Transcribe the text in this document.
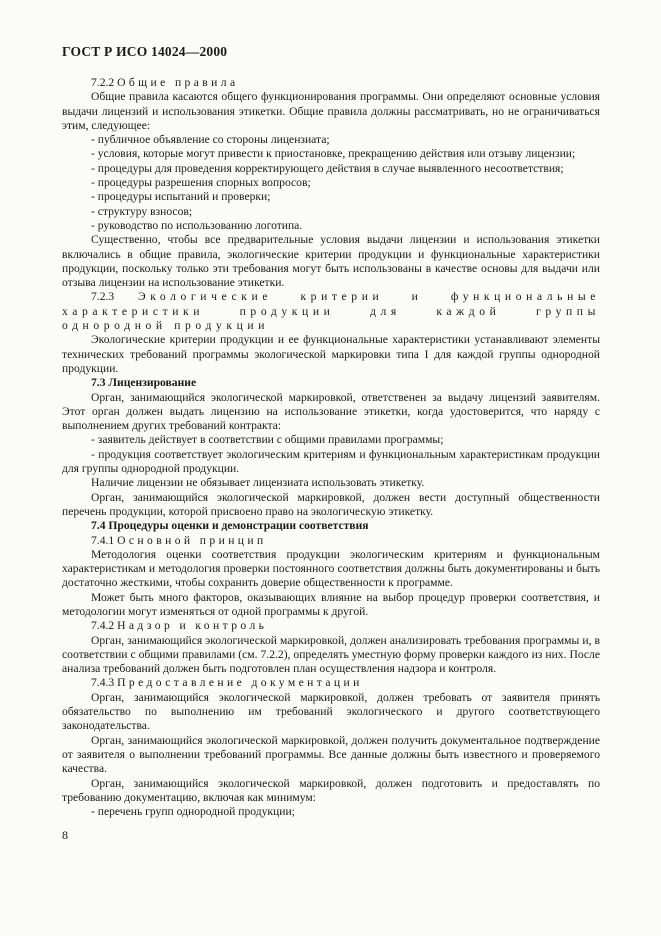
ГОСТ Р ИСО 14024—2000

7.2.2 Общие правила

Общие правила касаются общего функционирования программы. Они определяют основные условия выдачи лицензий и использования этикетки. Общие правила должны рассматривать, но не ограничиваться этим, следующее:

- публичное объявление со стороны лицензиата;

- условия, которые могут привести к приостановке, прекращению действия или отзыву лицензии;

- процедуры для проведения корректирующего действия в случае выявленного несоответствия;

- процедуры разрешения спорных вопросов;

- процедуры испытаний и проверки;

- структуру взносов;

- руководство по использованию логотипа.

Существенно, чтобы все предварительные условия выдачи лицензии и использования этикетки включались в общие правила, экологические критерии продукции и функциональные характеристики продукции, поскольку только эти требования могут быть использованы в качестве основы для выдачи или отзыва лицензии на использование этикетки.

7.2.3 Экологические критерии и функциональные характеристики продукции для каждой группы однородной продукции

Экологические критерии продукции и ее функциональные характеристики устанавливают элементы технических требований программы экологической маркировки типа I для каждой группы однородной продукции.

7.3 Лицензирование

Орган, занимающийся экологической маркировкой, ответственен за выдачу лицензий заявителям. Этот орган должен выдать лицензию на использование этикетки, когда удостоверится, что наряду с выполнением других требований контракта:

- заявитель действует в соответствии с общими правилами программы;

- продукция соответствует экологическим критериям и функциональным характеристикам продукции для группы однородной продукции.

Наличие лицензии не обязывает лицензиата использовать этикетку.

Орган, занимающийся экологической маркировкой, должен вести доступный общественности перечень продукции, которой присвоено право на экологическую этикетку.

7.4 Процедуры оценки и демонстрации соответствия

7.4.1 Основной принцип

Методология оценки соответствия продукции экологическим критериям и функциональным характеристикам и методология проверки постоянного соответствия должны быть документированы и быть достаточно жесткими, чтобы сохранить доверие общественности к программе.

Может быть много факторов, оказывающих влияние на выбор процедур проверки соответствия, и методологии могут изменяться от одной программы к другой.

7.4.2 Надзор и контроль

Орган, занимающийся экологической маркировкой, должен анализировать требования программы и, в соответствии с общими правилами (см. 7.2.2), определять уместную форму проверки каждого из них. После анализа требований должен быть подготовлен план осуществления надзора и контроля.

7.4.3 Предоставление документации

Орган, занимающийся экологической маркировкой, должен требовать от заявителя принять обязательство по выполнению им требований экологического и другого соответствующего законодательства.

Орган, занимающийся экологической маркировкой, должен получить документальное подтверждение от заявителя о выполнении требований программы. Все данные должны быть известного и проверяемого качества.

Орган, занимающийся экологической маркировкой, должен подготовить и предоставлять по требованию документацию, включая как минимум:

- перечень групп однородной продукции;

8
